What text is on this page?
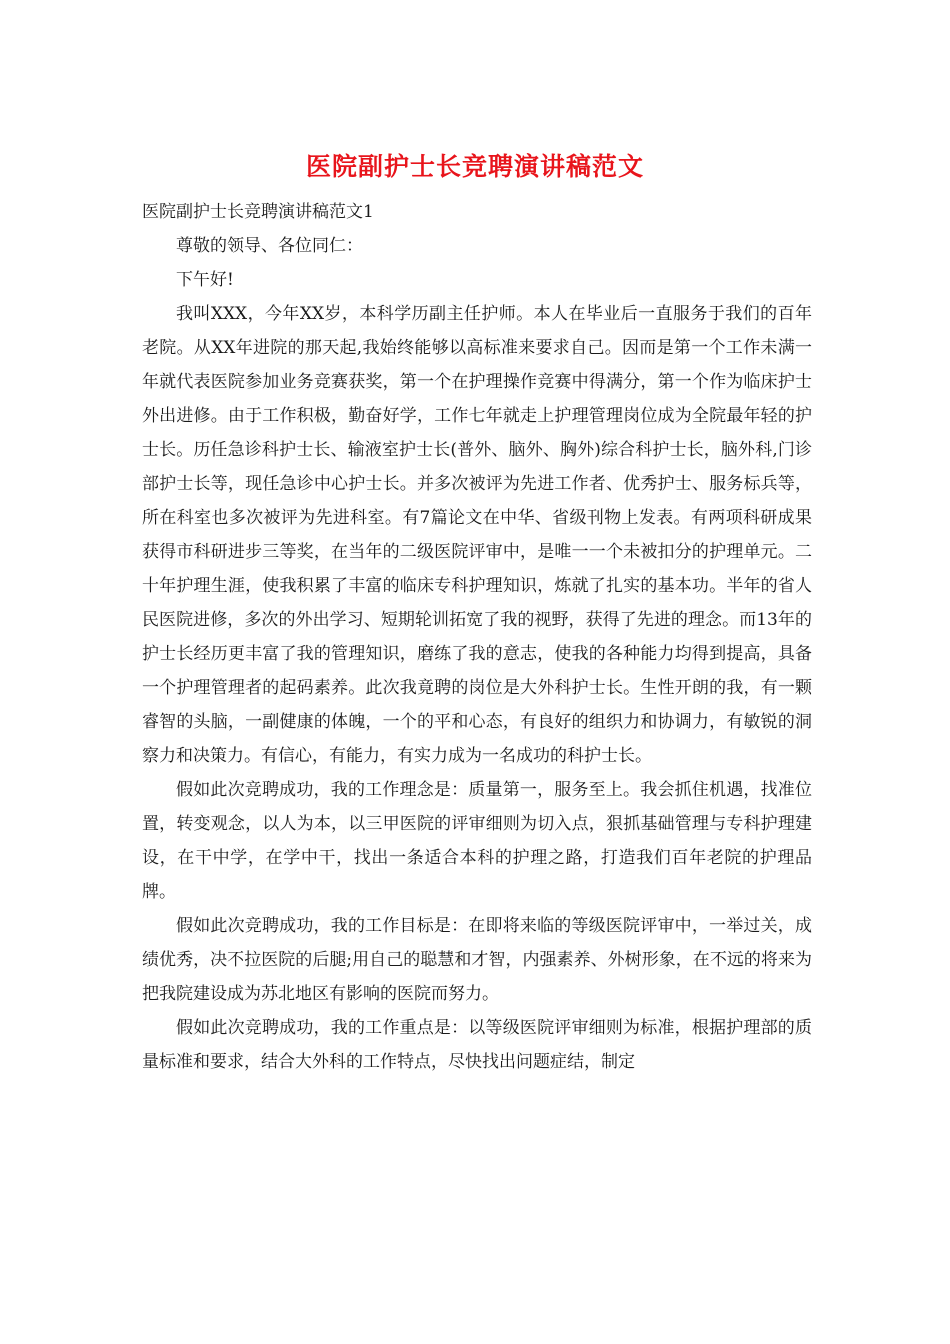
医院副护士长竞聘演讲稿范文

医院副护士长竞聘演讲稿范文1

尊敬的领导、各位同仁：

下午好!

我叫XXX，今年XX岁，本科学历副主任护师。本人在毕业后一直服务于我们的百年老院。从XX年进院的那天起,我始终能够以高标准来要求自己。因而是第一个工作未满一年就代表医院参加业务竞赛获奖，第一个在护理操作竞赛中得满分，第一个作为临床护士外出进修。由于工作积极，勤奋好学，工作七年就走上护理管理岗位成为全院最年轻的护士长。历任急诊科护士长、输液室护士长(普外、脑外、胸外)综合科护士长，脑外科,门诊部护士长等，现任急诊中心护士长。并多次被评为先进工作者、优秀护士、服务标兵等，所在科室也多次被评为先进科室。有7篇论文在中华、省级刊物上发表。有两项科研成果获得市科研进步三等奖，在当年的二级医院评审中，是唯一一个未被扣分的护理单元。二十年护理生涯，使我积累了丰富的临床专科护理知识，炼就了扎实的基本功。半年的省人民医院进修，多次的外出学习、短期轮训拓宽了我的视野，获得了先进的理念。而13年的护士长经历更丰富了我的管理知识，磨练了我的意志，使我的各种能力均得到提高，具备一个护理管理者的起码素养。此次我竟聘的岗位是大外科护士长。生性开朗的我，有一颗睿智的头脑，一副健康的体魄，一个的平和心态，有良好的组织力和协调力，有敏锐的洞察力和决策力。有信心，有能力，有实力成为一名成功的科护士长。

假如此次竞聘成功，我的工作理念是：质量第一，服务至上。我会抓住机遇，找准位置，转变观念，以人为本，以三甲医院的评审细则为切入点，狠抓基础管理与专科护理建设，在干中学，在学中干，找出一条适合本科的护理之路，打造我们百年老院的护理品牌。

假如此次竞聘成功，我的工作目标是：在即将来临的等级医院评审中，一举过关，成绩优秀，决不拉医院的后腿;用自己的聪慧和才智，内强素养、外树形象，在不远的将来为把我院建设成为苏北地区有影响的医院而努力。

假如此次竞聘成功，我的工作重点是：以等级医院评审细则为标准，根据护理部的质量标准和要求，结合大外科的工作特点，尽快找出问题症结，制定
